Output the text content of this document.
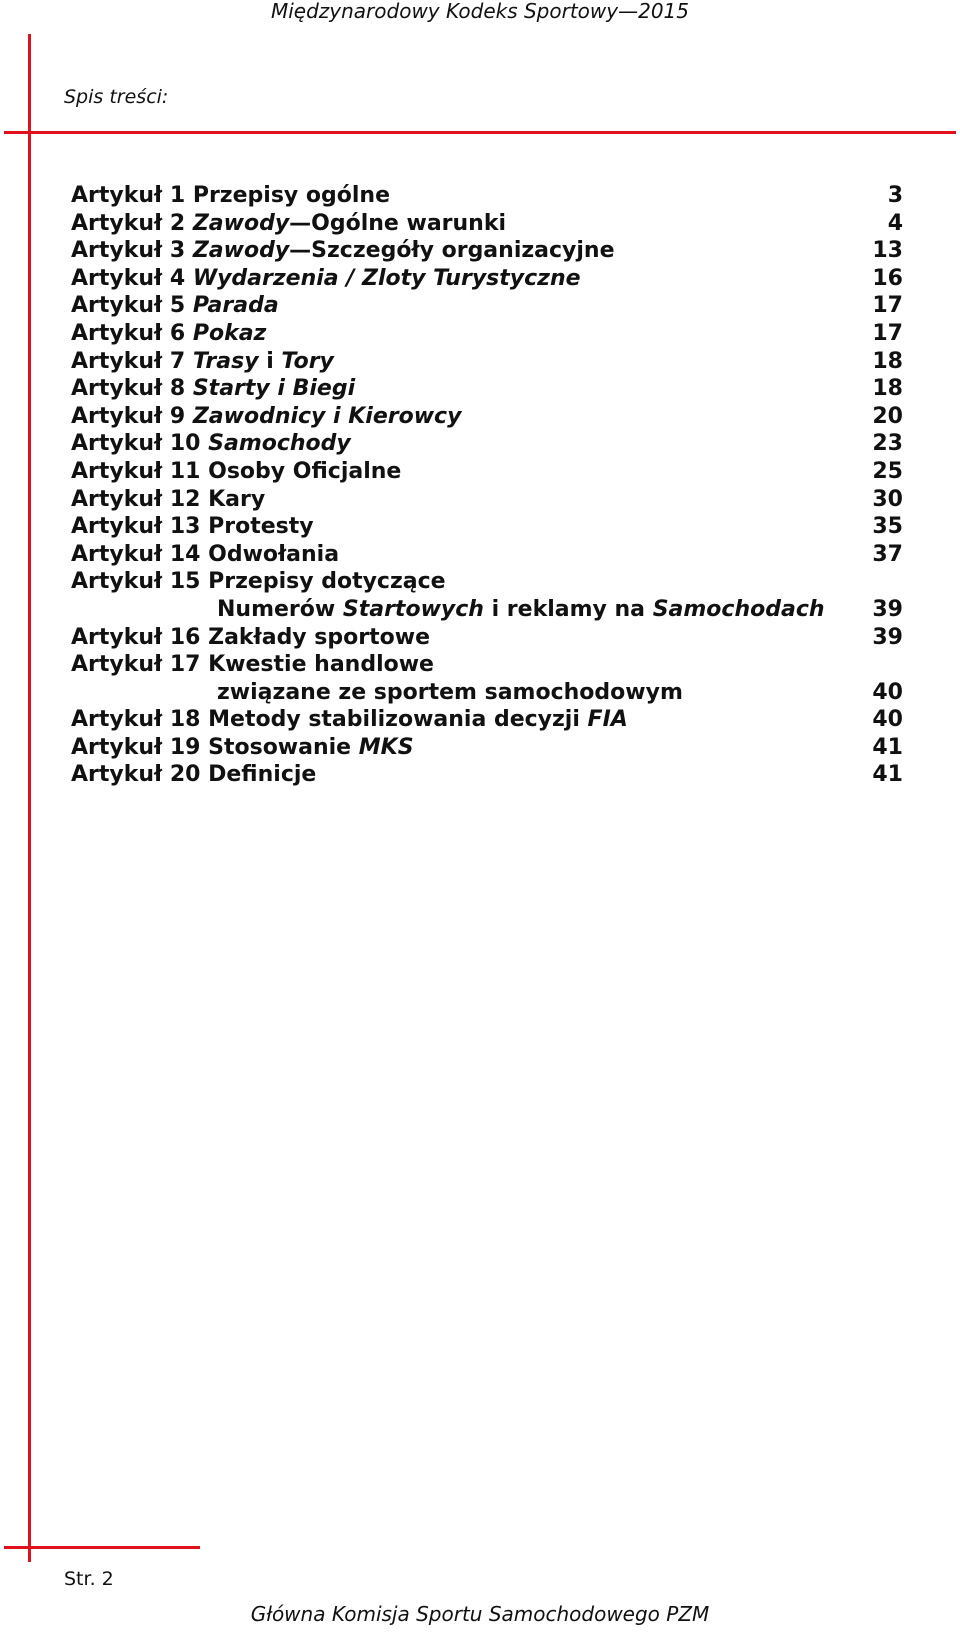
Międzynarodowy Kodeks Sportowy—2015
Spis treści:
Artykuł 1 Przepisy ogólne	3
Artykuł 2 Zawody—Ogólne warunki	4
Artykuł 3 Zawody—Szczegóły organizacyjne	13
Artykuł 4 Wydarzenia / Zloty Turystyczne	16
Artykuł 5 Parada	17
Artykuł 6 Pokaz	17
Artykuł 7 Trasy i Tory	18
Artykuł 8 Starty i Biegi	18
Artykuł 9 Zawodnicy i Kierowcy	20
Artykuł 10 Samochody	23
Artykuł 11 Osoby Oficjalne	25
Artykuł 12 Kary	30
Artykuł 13 Protesty	35
Artykuł 14 Odwołania	37
Artykuł 15 Przepisy dotyczące
Numerów Startowych i reklamy na Samochodach	39
Artykuł 16 Zakłady sportowe	39
Artykuł 17 Kwestie handlowe
związane ze sportem samochodowym	40
Artykuł 18 Metody stabilizowania decyzji FIA	40
Artykuł 19 Stosowanie MKS	41
Artykuł 20 Definicje	41
Str. 2
Główna Komisja Sportu Samochodowego PZM
